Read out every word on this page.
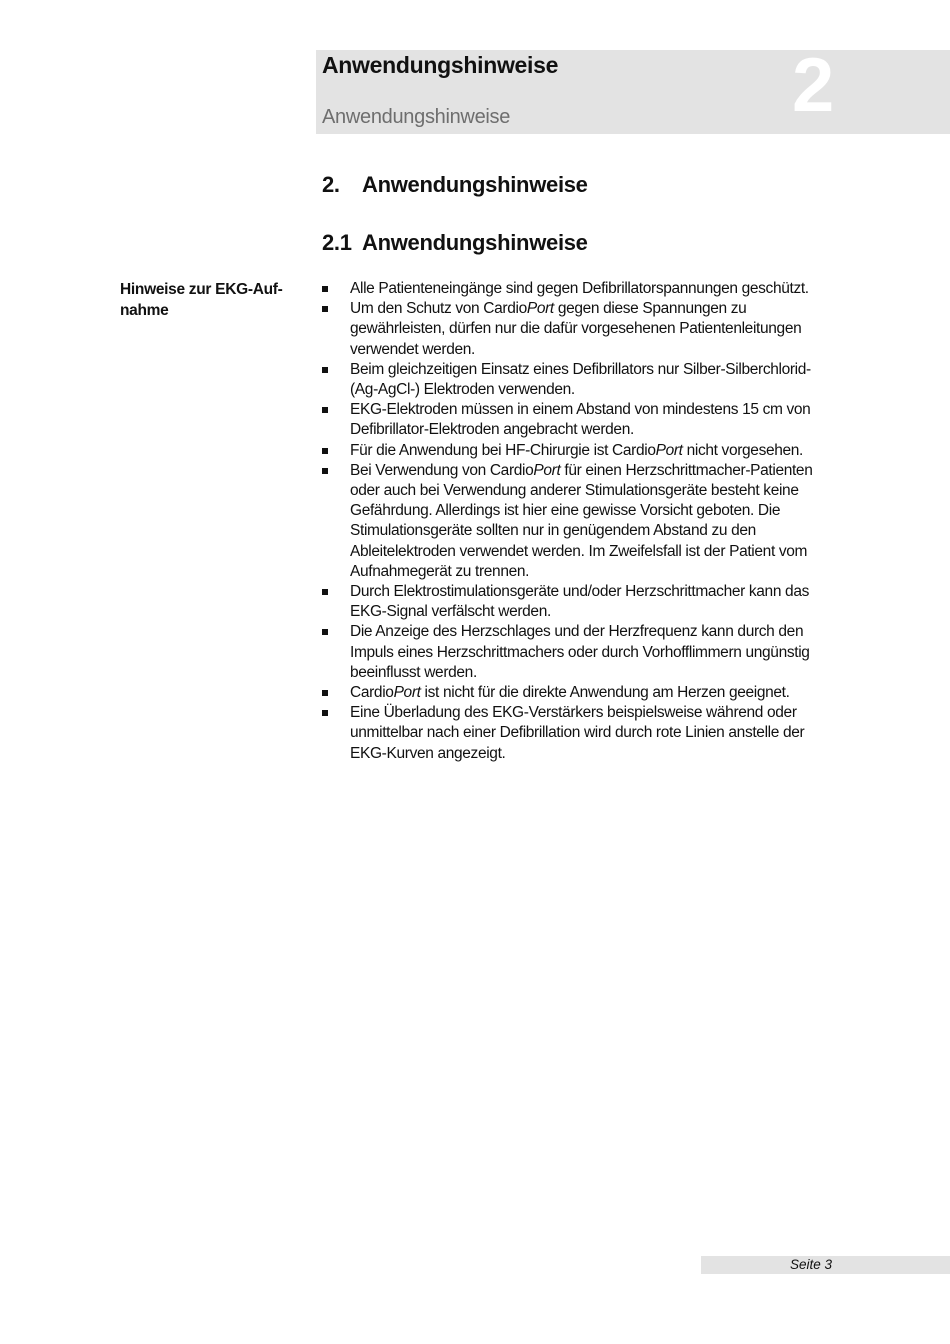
Anwendungshinweise
Anwendungshinweise	2
2. Anwendungshinweise
2.1 Anwendungshinweise
Hinweise zur EKG-Auf-
nahme
Alle Patienteneingänge sind gegen Defibrillatorspannungen geschützt.
Um den Schutz von CardioPort gegen diese Spannungen zu gewährleisten, dürfen nur die dafür vorgesehenen Patientenleitungen verwendet werden.
Beim gleichzeitigen Einsatz eines Defibrillators nur Silber-Silberchlorid-(Ag-AgCl-) Elektroden verwenden.
EKG-Elektroden müssen in einem Abstand von mindestens 15 cm von Defibrillator-Elektroden angebracht werden.
Für die Anwendung bei HF-Chirurgie ist CardioPort nicht vorgesehen.
Bei Verwendung von CardioPort für einen Herzschrittmacher-Patienten oder auch bei Verwendung anderer Stimulationsgeräte besteht keine Gefährdung. Allerdings ist hier eine gewisse Vorsicht geboten. Die Stimulationsgeräte sollten nur in genügendem Abstand zu den Ableitelektroden verwendet werden. Im Zweifelsfall ist der Patient vom Aufnahmegerät zu trennen.
Durch Elektrostimulationsgeräte und/oder Herzschrittmacher kann das EKG-Signal verfälscht werden.
Die Anzeige des Herzschlages und der Herzfrequenz kann durch den Impuls eines Herzschrittmachers oder durch Vorhofflimmern ungünstig beeinflusst werden.
CardioPort ist nicht für die direkte Anwendung am Herzen geeignet.
Eine Überladung des EKG-Verstärkers beispielsweise während oder unmittelbar nach einer Defibrillation wird durch rote Linien anstelle der EKG-Kurven angezeigt.
Seite 3
